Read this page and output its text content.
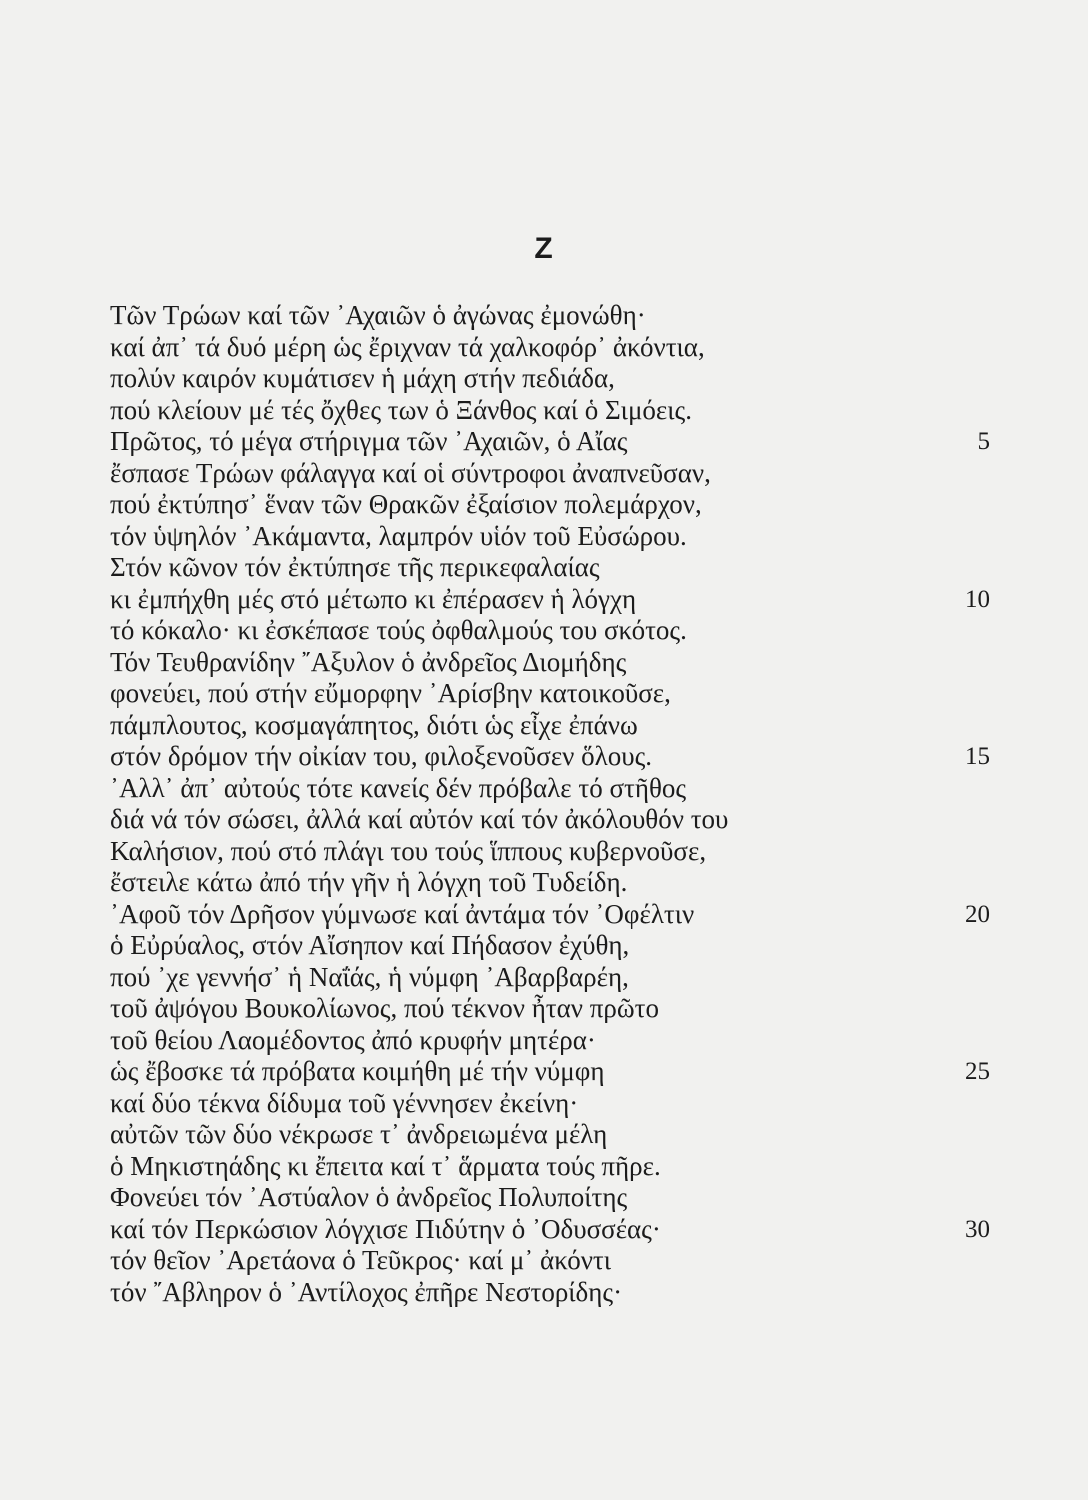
Ζ
Τῶν Τρώων καί τῶν ᾿Αχαιῶν ὁ ἀγώνας ἐμονώθη·
καί ἀπ᾿ τά δυό μέρη ὡς ἔριχναν τά χαλκοφόρ᾿ ἀκόντια,
πολύν καιρόν κυμάτισεν ἡ μάχη στήν πεδιάδα,
πού κλείουν μέ τές ὄχθες των ὁ Ξάνθος καί ὁ Σιμόεις.
Πρῶτος, τό μέγα στήριγμα τῶν ᾿Αχαιῶν, ὁ Αἴας	5
ἔσπασε Τρώων φάλαγγα καί οἱ σύντροφοι ἀναπνεῦσαν,
πού ἐκτύπησ᾿ ἕναν τῶν Θρακῶν ἐξαίσιον πολεμάρχον,
τόν ὑψηλόν ᾿Ακάμαντα, λαμπρόν υἱόν τοῦ Εὐσώρου.
Στόν κῶνον τόν ἐκτύπησε τῆς περικεφαλαίας
κι ἐμπήχθη μές στό μέτωπο κι ἐπέρασεν ἡ λόγχη	10
τό κόκαλο· κι ἐσκέπασε τούς ὀφθαλμούς του σκότος.
Τόν Τευθρανίδην ῎Αξυλον ὁ ἀνδρεῖος Διομήδης
φονεύει, πού στήν εὔμορφην ᾿Αρίσβην κατοικοῦσε,
πάμπλουτος, κοσμαγάπητος, διότι ὡς εἶχε ἐπάνω
στόν δρόμον τήν οἰκίαν του, φιλοξενοῦσεν ὅλους.	15
᾿Αλλ᾿ ἀπ᾿ αὐτούς τότε κανείς δέν πρόβαλε τό στῆθος
διά νά τόν σώσει, ἀλλά καί αὐτόν καί τόν ἀκόλουθόν του
Καλήσιον, πού στό πλάγι του τούς ἵππους κυβερνοῦσε,
ἔστειλε κάτω ἀπό τήν γῆν ἡ λόγχη τοῦ Τυδείδη.
᾿Αφοῦ τόν Δρῆσον γύμνωσε καί ἀντάμα τόν ᾿Οφέλτιν	20
ὁ Εὐρύαλος, στόν Αἴσηπον καί Πήδασον ἐχύθη,
πού ᾿χε γεννήσ᾿ ἡ Ναΐάς, ἡ νύμφη ᾿Αβαρβαρέη,
τοῦ ἀψόγου Βουκολίωνος, πού τέκνον ἦταν πρῶτο
τοῦ θείου Λαομέδοντος ἀπό κρυφήν μητέρα·
ὡς ἔβοσκε τά πρόβατα κοιμήθη μέ τήν νύμφη	25
καί δύο τέκνα δίδυμα τοῦ γέννησεν ἐκείνη·
αὐτῶν τῶν δύο νέκρωσε τ᾿ ἀνδρειωμένα μέλη
ὁ Μηκιστηάδης κι ἔπειτα καί τ᾿ ἅρματα τούς πῆρε.
Φονεύει τόν ᾿Αστύαλον ὁ ἀνδρεῖος Πολυποίτης
καί τόν Περκώσιον λόγχισε Πιδύτην ὁ ᾿Οδυσσέας·	30
τόν θεῖον ᾿Αρετάονα ὁ Τεῦκρος· καί μ᾿ ἀκόντι
τόν ῎Αβληρον ὁ ᾿Αντίλοχος ἐπῆρε Νεστορίδης·
